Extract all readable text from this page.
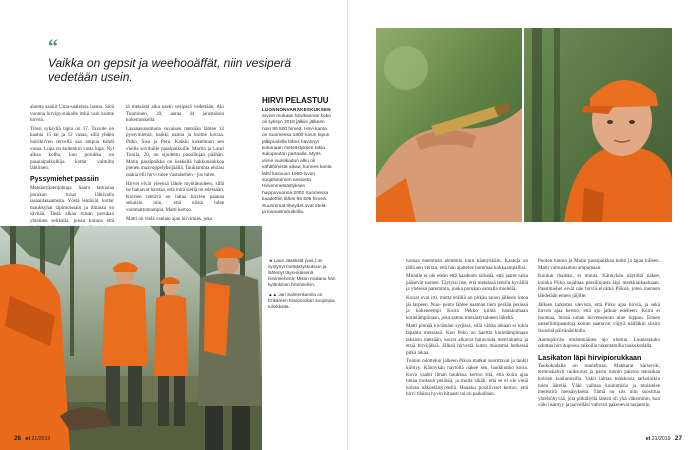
“
Vaikka on gepsit ja weehooäffät, niin vesiperä vedetään usein.

aluetta saaliit Uma-saaleissa lasma. Sinä vuonna hirvipyorakalle ittiiä vain kolme hirveä.

Tilosi syksyllä tapia on 17. Tavoite on kaatua 15 tai ja 12 vasaa, sillä yhden hoirihirven tervellä saa ampua kahdi vasaa. Lupa on kuitenkin vasta lupa. Nyt alkaa kolhu, kun porukka on pasaiaipalkolkija kottar valmilta lähtiinen.

Pyssymiehet passiin

Metsästyksenjohtaja Saara tarkistaa porukan tuvat lähtivalla lasaantasaamista. Yöstä lentävät, kottar maukkyhat täpimoissain ja ilmassa on sävhää. Tästä alkaa tuisan porukan yhteinen selikalla, joissa kuluna että

tä metsästä aika usein vesiperä vedettään, Aki Tuominen, 39, aaraa 44 jalustaisen kokemuskella.

Lasanasuusmuna suvaisen metsään lähtee 13 pyssymiehiä, kaikki nainia ja kolme koiraa. Piiko, Sisu ja Peru. Kaikki kokemuun sen vieille sovituille passipaikoille. Martin ja Lauri Tunila, 20, on sijoitettu passilinjan päähän. Matin passipaikka on keskellä hakkuuaukkoa pienen maavoppelyksijäällä. Taulitamma ehtiäsi taakia elli hirvi tulee vastaisehen - jos tulee.

Hirvet elvät yleensä lähde myötätuuleen, sillä ne haluavat haistaa, että mitä siellä on edessään. Koirien tehtävä on lattaa hirvien paanaa sekaisin niin, että niistä tulee varomattomampia. Matti kertoo.

Matti on vielä vanhan ajan hirvimies, joka

HIRVI PELASTUU
LUONNONVARAKESKUKSEN
arvion mukaan hirvikannan koko oli syksyn 2018 jälkiin jälkeen noin 86 500 hirveä. Hirvi kanta on Suomessa 1800-luvun lopun jälkipuolella lähes hävinnyt kokonaan metsästyksen takia sukupuuton partaalla. Myös viime vuosikadun alku oli vähähirvistä aikaa, kunnes kanta lähti kasvuun 1950-luvun suojelutoimen ansiosta. Hirvenmetsästyksen huippuvuonna 2002 Suomessa kaadettiin lähes 85 505 hirveä. Suurimmat tiheydet ovat etelä- ja lounaisrannikolla.

◄ Lauri Jääskelä (vas.) on syntynyt metsästyssukuun ja lähtenyt täysi-ikäisenä hirvimiehenä; Mikon mukana hän kylänkinen hirvimiehiin.

▲▲ Jari Salmenkarvila on Erikäreen hirviporukan suojimpia tuloikkaita.

26 et 21/2019

tuonaa enemmän aiemmin kuin kännykkäin. Kaatoja on tällä sen verran, että hän ajattelee hommaa kokkaampällisi.

Minulle ei ole eteän että kaadeum tärkeää, että jaaret ratsa pääsevät tuonee. Täytyisi itse, että metsässä tentiin hyväillä ja yhdessä paremmin, jonka porukan samalla mielellä.

Koirat ovat irti, mutta eräillä on pitkän taoon jälkeen intoa jäi tarpeen. Nuo- pentu lähtee naaman tiem perään perässä ja kokeneempi Koira Pekko kiihtä haukkumaan kotielämpiinaan, joka sattuu metsästysalueen läheltä.

Matti pinnää kiviästäni syrjissä, sillä vähän aikaan ei tokia tapahtu metsässä. Kun Peko on haertta kotielämpiinaan takaisin metsään, koirat alkavat haravoida merrialueita ja etsiä hirvijälkiä. Jälkeä hirvestä kuten muutama hetkessä pitkä aikaa.

Tunnin odottelun jälkeen Pikon matkat suorittavat ja taukit kiihtyy. Kännykän näytöltä näkee sen, haukkuuko koira. Kova vaahti ilman haukkua kertoo sitä, että koira ajaa tietaa tuoksun perässä, ja mutta sikäli, että se ei ole vielä koiran näköetäisyydellä. Haukku positiiviset kertoo, että hirvi tikkuu hyvin hitaasti tai on paikallaan.

Puolen tunnin ja Matin passipaikkaa kohti ja lajaa tulleen. Matti valmistautuu ampumaan.

Kuulun rhaihko, ei muuta. Kännykän näytöltä näkee, kuinka Piiko sujahtaa passilinjasta läpi merkkiaikaaluaan. Passimiehet eivät näe hirviä eivätkä Piikoä, joten mennen lähdetään ennen jäljille.

Jälkien tarkistus ulevista, että Piiko ajaa hirviä, ja sekä hirven ajaa kertoo, että ajo jatkuu edelleen. Koira ei huomaa, missä oman hirvenseuran alue loppuu. Ennen sateelliittipaantoja koiran saattavat viipyä näilläkin siisiin ikuisinä päivänäsikulla.

Aamupäivän emämmäinen ajo ulottuu. Lounastauko odottaa hirvitupossa taikoilla rakentamilla taukokodalla.

Lasikaton läpi hirvipiorukkaan

Taukokodalla on tunnelmaa. Makkarat kärisevät, termoskahvit tuoksuvat ja parin tunnin paistoa tekniikaa koirien kuulumisilla. Vakit laittaa tuokkosia tarhoioikin tulen äärellä. Väki vaihtaa kuulumisia ja muistelee merestirä metsäsyksetä. Tämä on siis niin suosittua yhteisöhyvää, jota pitkällyllä lähteä oli yhä väkemmin, kun vähi lisäntyy ja paivelläsi vahvisti pakenevat taajamiin.

et 21/2019 27
